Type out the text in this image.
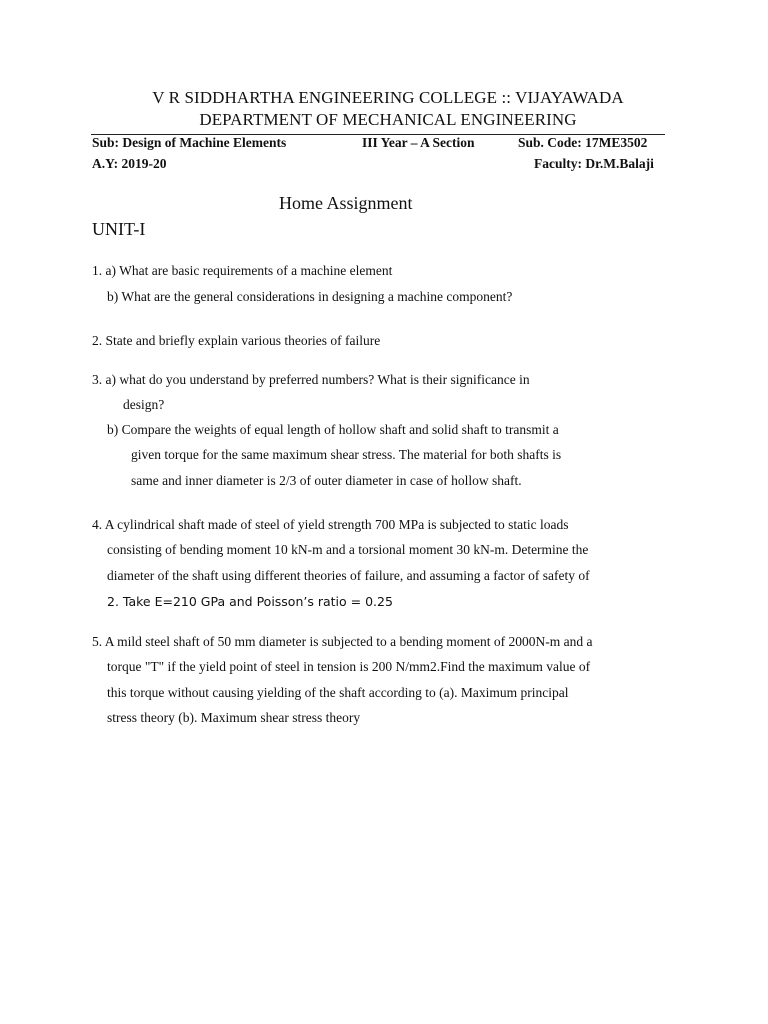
V R SIDDHARTHA ENGINEERING COLLEGE :: VIJAYAWADA
DEPARTMENT OF MECHANICAL ENGINEERING
Sub: Design of Machine Elements	III Year – A Section	Sub. Code: 17ME3502
A.Y: 2019-20	Faculty: Dr.M.Balaji
Home Assignment
UNIT-I
1. a) What are basic requirements of a machine element
b) What are the general considerations in designing a machine component?
2. State and briefly explain various theories of failure
3. a) what do you understand by preferred numbers? What is their significance in
design?
b) Compare the weights of equal length of hollow shaft and solid shaft to transmit a
given torque for the same maximum shear stress. The material for both shafts is
same and inner diameter is 2/3 of outer diameter in case of hollow shaft.
4. A cylindrical shaft made of steel of yield strength 700 MPa is subjected to static loads
consisting of bending moment 10 kN-m and a torsional moment 30 kN-m. Determine the
diameter of the shaft using different theories of failure, and assuming a factor of safety of
2. Take E=210 GPa and Poisson’s ratio = 0.25
5. A mild steel shaft of 50 mm diameter is subjected to a bending moment of 2000N-m and a
torque "T" if the yield point of steel in tension is 200 N/mm2.Find the maximum value of
this torque without causing yielding of the shaft according to (a). Maximum principal
stress theory (b). Maximum shear stress theory
